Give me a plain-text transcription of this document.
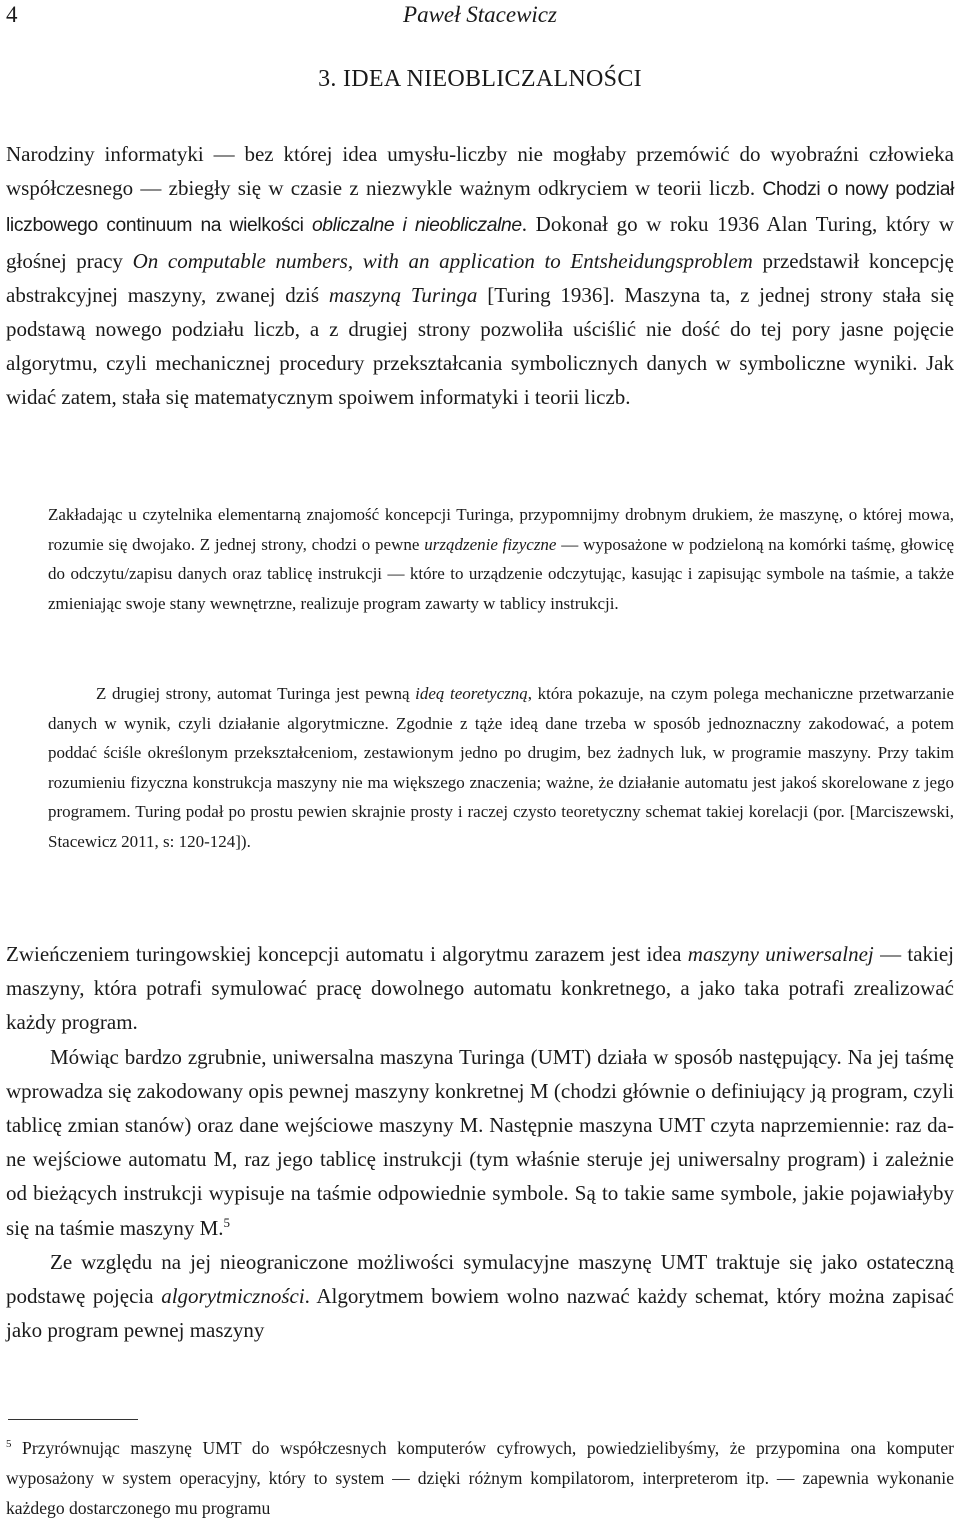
4	Paweł Stacewicz
3. IDEA NIEOBLICZALNOŚCI

Narodziny informatyki — bez której idea umysłu-liczby nie mogłaby przemówić do wyobraźni człowieka współczesnego — zbiegły się w czasie z niezwykle ważnym odkryciem w teorii liczb. Chodzi o nowy podział liczbowego continuum na wielkości obliczalne i nieobliczalne. Dokonał go w roku 1936 Alan Turing, który w głośnej pracy On computable numbers, with an application to Entsheidungsproblem przedstawił koncepcję abstrakcyjnej maszyny, zwanej dziś maszyną Turinga [Turing 1936]. Maszyna ta, z jednej strony stała się podstawą nowego podziału liczb, a z drugiej strony pozwoliła uściślić nie dość do tej pory jasne pojęcie algorytmu, czyli mechanicznej procedury przekształcania symbolicznych danych w symboliczne wyniki. Jak widać zatem, stała się matematycznym spoiwem informatyki i teorii liczb.

Zakładając u czytelnika elementarną znajomość koncepcji Turinga, przypomnijmy drobnym drukiem, że maszynę, o której mowa, rozumie się dwojako. Z jednej strony, chodzi o pewne urządzenie fizyczne — wyposażone w podzieloną na komórki taśmę, głowicę do odczytu/zapisu danych oraz tablicę instrukcji — które to urządzenie odczytując, kasując i zapisując symbole na taśmie, a także zmieniając swoje stany wewnętrzne, realizuje program zawarty w tablicy instrukcji.

Z drugiej strony, automat Turinga jest pewną ideą teoretyczną, która pokazuje, na czym polega mechaniczne przetwarzanie danych w wynik, czyli działanie algorytmiczne. Zgodnie z tąże ideą dane trzeba w sposób jednoznaczny zakodować, a potem poddać ściśle określonym przekształceniom, zestawionym jedno po drugim, bez żadnych luk, w programie maszyny. Przy takim rozumieniu fizyczna konstrukcja maszyny nie ma większego znaczenia; ważne, że działanie automatu jest jakoś skorelowane z jego programem. Turing podał po prostu pewien skrajnie prosty i raczej czysto teoretyczny schemat takiej korelacji (por. [Marciszewski, Stacewicz 2011, s: 120-124]).

Zwieńczeniem turingowskiej koncepcji automatu i algorytmu zarazem jest idea maszyny uniwersalnej — takiej maszyny, która potrafi symulować pracę dowolnego automatu konkretnego, a jako taka potrafi zrealizować każdy program.

Mówiąc bardzo zgrubnie, uniwersalna maszyna Turinga (UMT) działa w sposób następujący. Na jej taśmę wprowadza się zakodowany opis pewnej maszyny konkretnej M (chodzi głównie o definiujący ją program, czyli tablicę zmian stanów) oraz dane wejściowe maszyny M. Następnie maszyna UMT czyta naprzemiennie: raz dane wejściowe automatu M, raz jego tablicę instrukcji (tym właśnie steruje jej uniwersalny program) i zależnie od bieżących instrukcji wypisuje na taśmie odpowiednie symbole. Są to takie same symbole, jakie pojawiałyby się na taśmie maszyny M.$^5$

Ze względu na jej nieograniczone możliwości symulacyjne maszynę UMT traktuje się jako ostateczną podstawę pojęcia algorytmiczności. Algorytmem bowiem wolno nazwać każdy schemat, który można zapisać jako program pewnej maszyny

$^5$ Przyrównując maszynę UMT do współczesnych komputerów cyfrowych, powiedzielibyśmy, że przypomina ona komputer wyposażony w system operacyjny, który to system — dzięki różnym kompilatorom, interpreterom itp. — zapewnia wykonanie każdego dostarczonego mu programu
